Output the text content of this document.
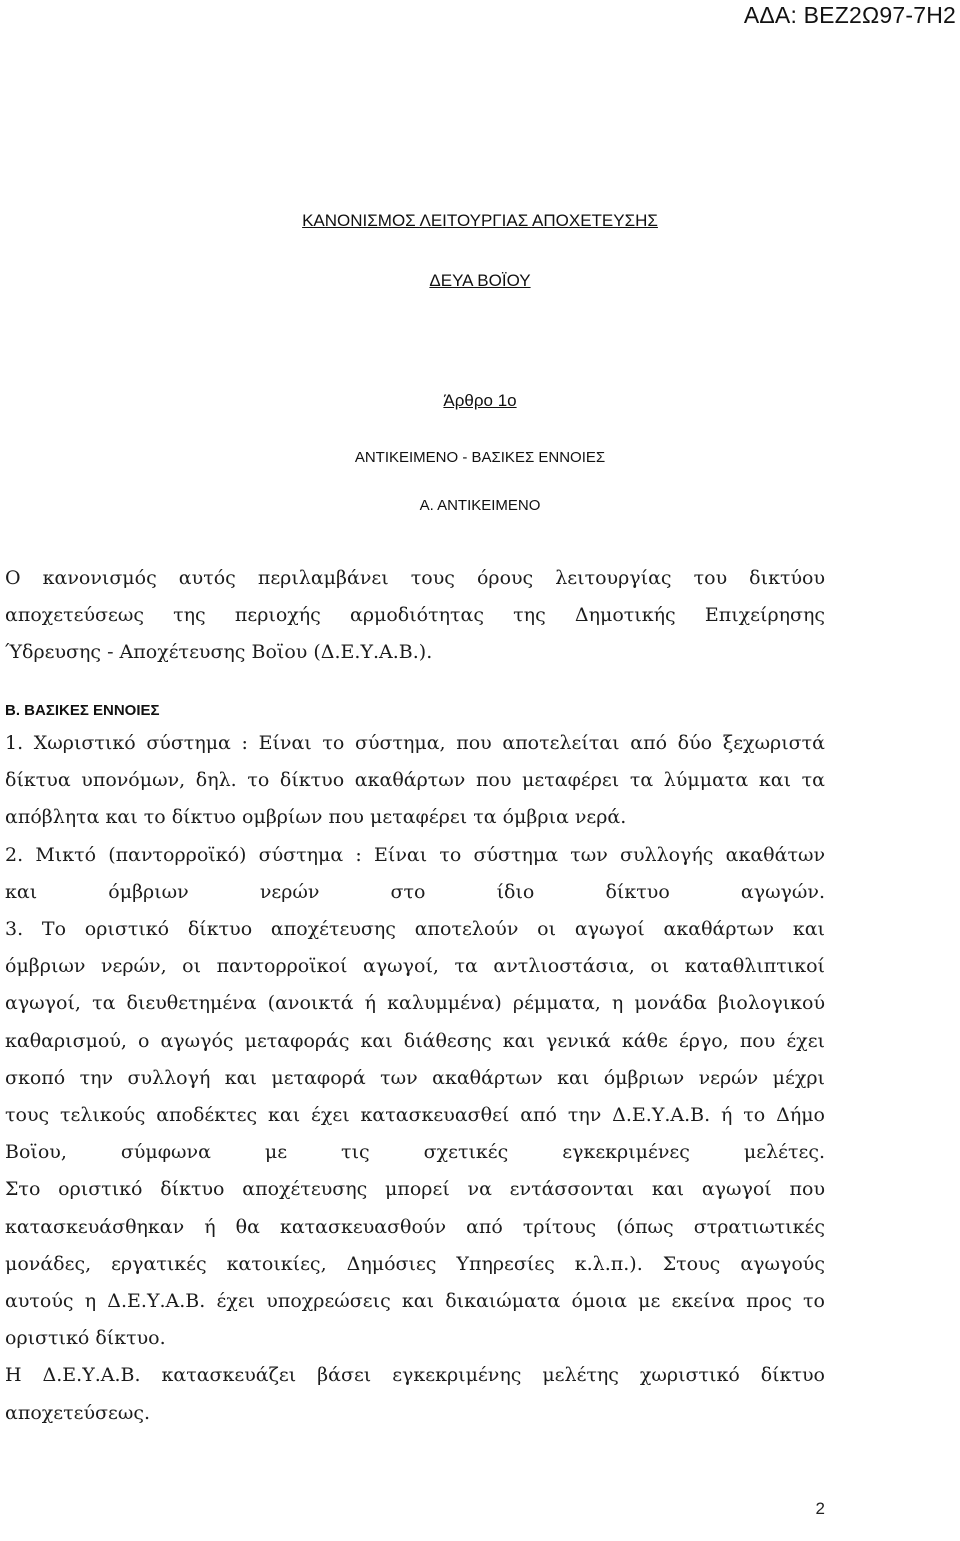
ΑΔΑ: ΒΕΖ2Ω97-7Η2
ΚΑΝΟΝΙΣΜΟΣ ΛΕΙΤΟΥΡΓΙΑΣ ΑΠΟΧΕΤΕΥΣΗΣ
ΔΕΥΑ ΒΟΪΟΥ
Άρθρο 1ο
ΑΝΤΙΚΕΙΜΕΝΟ - ΒΑΣΙΚΕΣ ΕΝΝΟΙΕΣ
Α. ΑΝΤΙΚΕΙΜΕΝΟ
Ο κανονισμός αυτός περιλαμβάνει τους όρους λειτουργίας του δικτύου
αποχετεύσεως της περιοχής αρμοδιότητας της Δημοτικής Επιχείρησης
Ύδρευσης - Αποχέτευσης Βοϊου (Δ.Ε.Υ.Α.Β.).
Β. ΒΑΣΙΚΕΣ ΕΝΝΟΙΕΣ
1. Χωριστικό σύστημα : Είναι το σύστημα, που αποτελείται από δύο ξεχωριστά
δίκτυα υπονόμων, δηλ. το δίκτυο ακαθάρτων που μεταφέρει τα λύμματα και τα
απόβλητα και το δίκτυο ομβρίων που μεταφέρει τα όμβρια νερά.
2. Μικτό (παντορροϊκό) σύστημα : Είναι το σύστημα των συλλογής ακαθάτων
και όμβριων νερών στο ίδιο δίκτυο αγωγών.
3. Το οριστικό δίκτυο αποχέτευσης αποτελούν οι αγωγοί ακαθάρτων και
όμβριων νερών, οι παντορροϊκοί αγωγοί, τα αντλιοστάσια, οι καταθλιπτικοί
αγωγοί, τα διευθετημένα (ανοικτά ή καλυμμένα) ρέμματα, η μονάδα βιολογικού
καθαρισμού, ο αγωγός μεταφοράς και διάθεσης και γενικά κάθε έργο, που έχει
σκοπό την συλλογή και μεταφορά των ακαθάρτων και όμβριων νερών μέχρι
τους τελικούς αποδέκτες και έχει κατασκευασθεί από την Δ.Ε.Υ.Α.Β. ή το Δήμο
Βοϊου, σύμφωνα με τις σχετικές εγκεκριμένες μελέτες.
Στο οριστικό δίκτυο αποχέτευσης μπορεί να εντάσσονται και αγωγοί που
κατασκευάσθηκαν ή θα κατασκευασθούν από τρίτους (όπως στρατιωτικές
μονάδες, εργατικές κατοικίες, Δημόσιες Υπηρεσίες κ.λ.π.). Στους αγωγούς
αυτούς η Δ.Ε.Υ.Α.Β. έχει υποχρεώσεις και δικαιώματα όμοια με εκείνα προς το
οριστικό δίκτυο.
Η Δ.Ε.Υ.Α.Β. κατασκευάζει βάσει εγκεκριμένης μελέτης χωριστικό δίκτυο
αποχετεύσεως.
2
